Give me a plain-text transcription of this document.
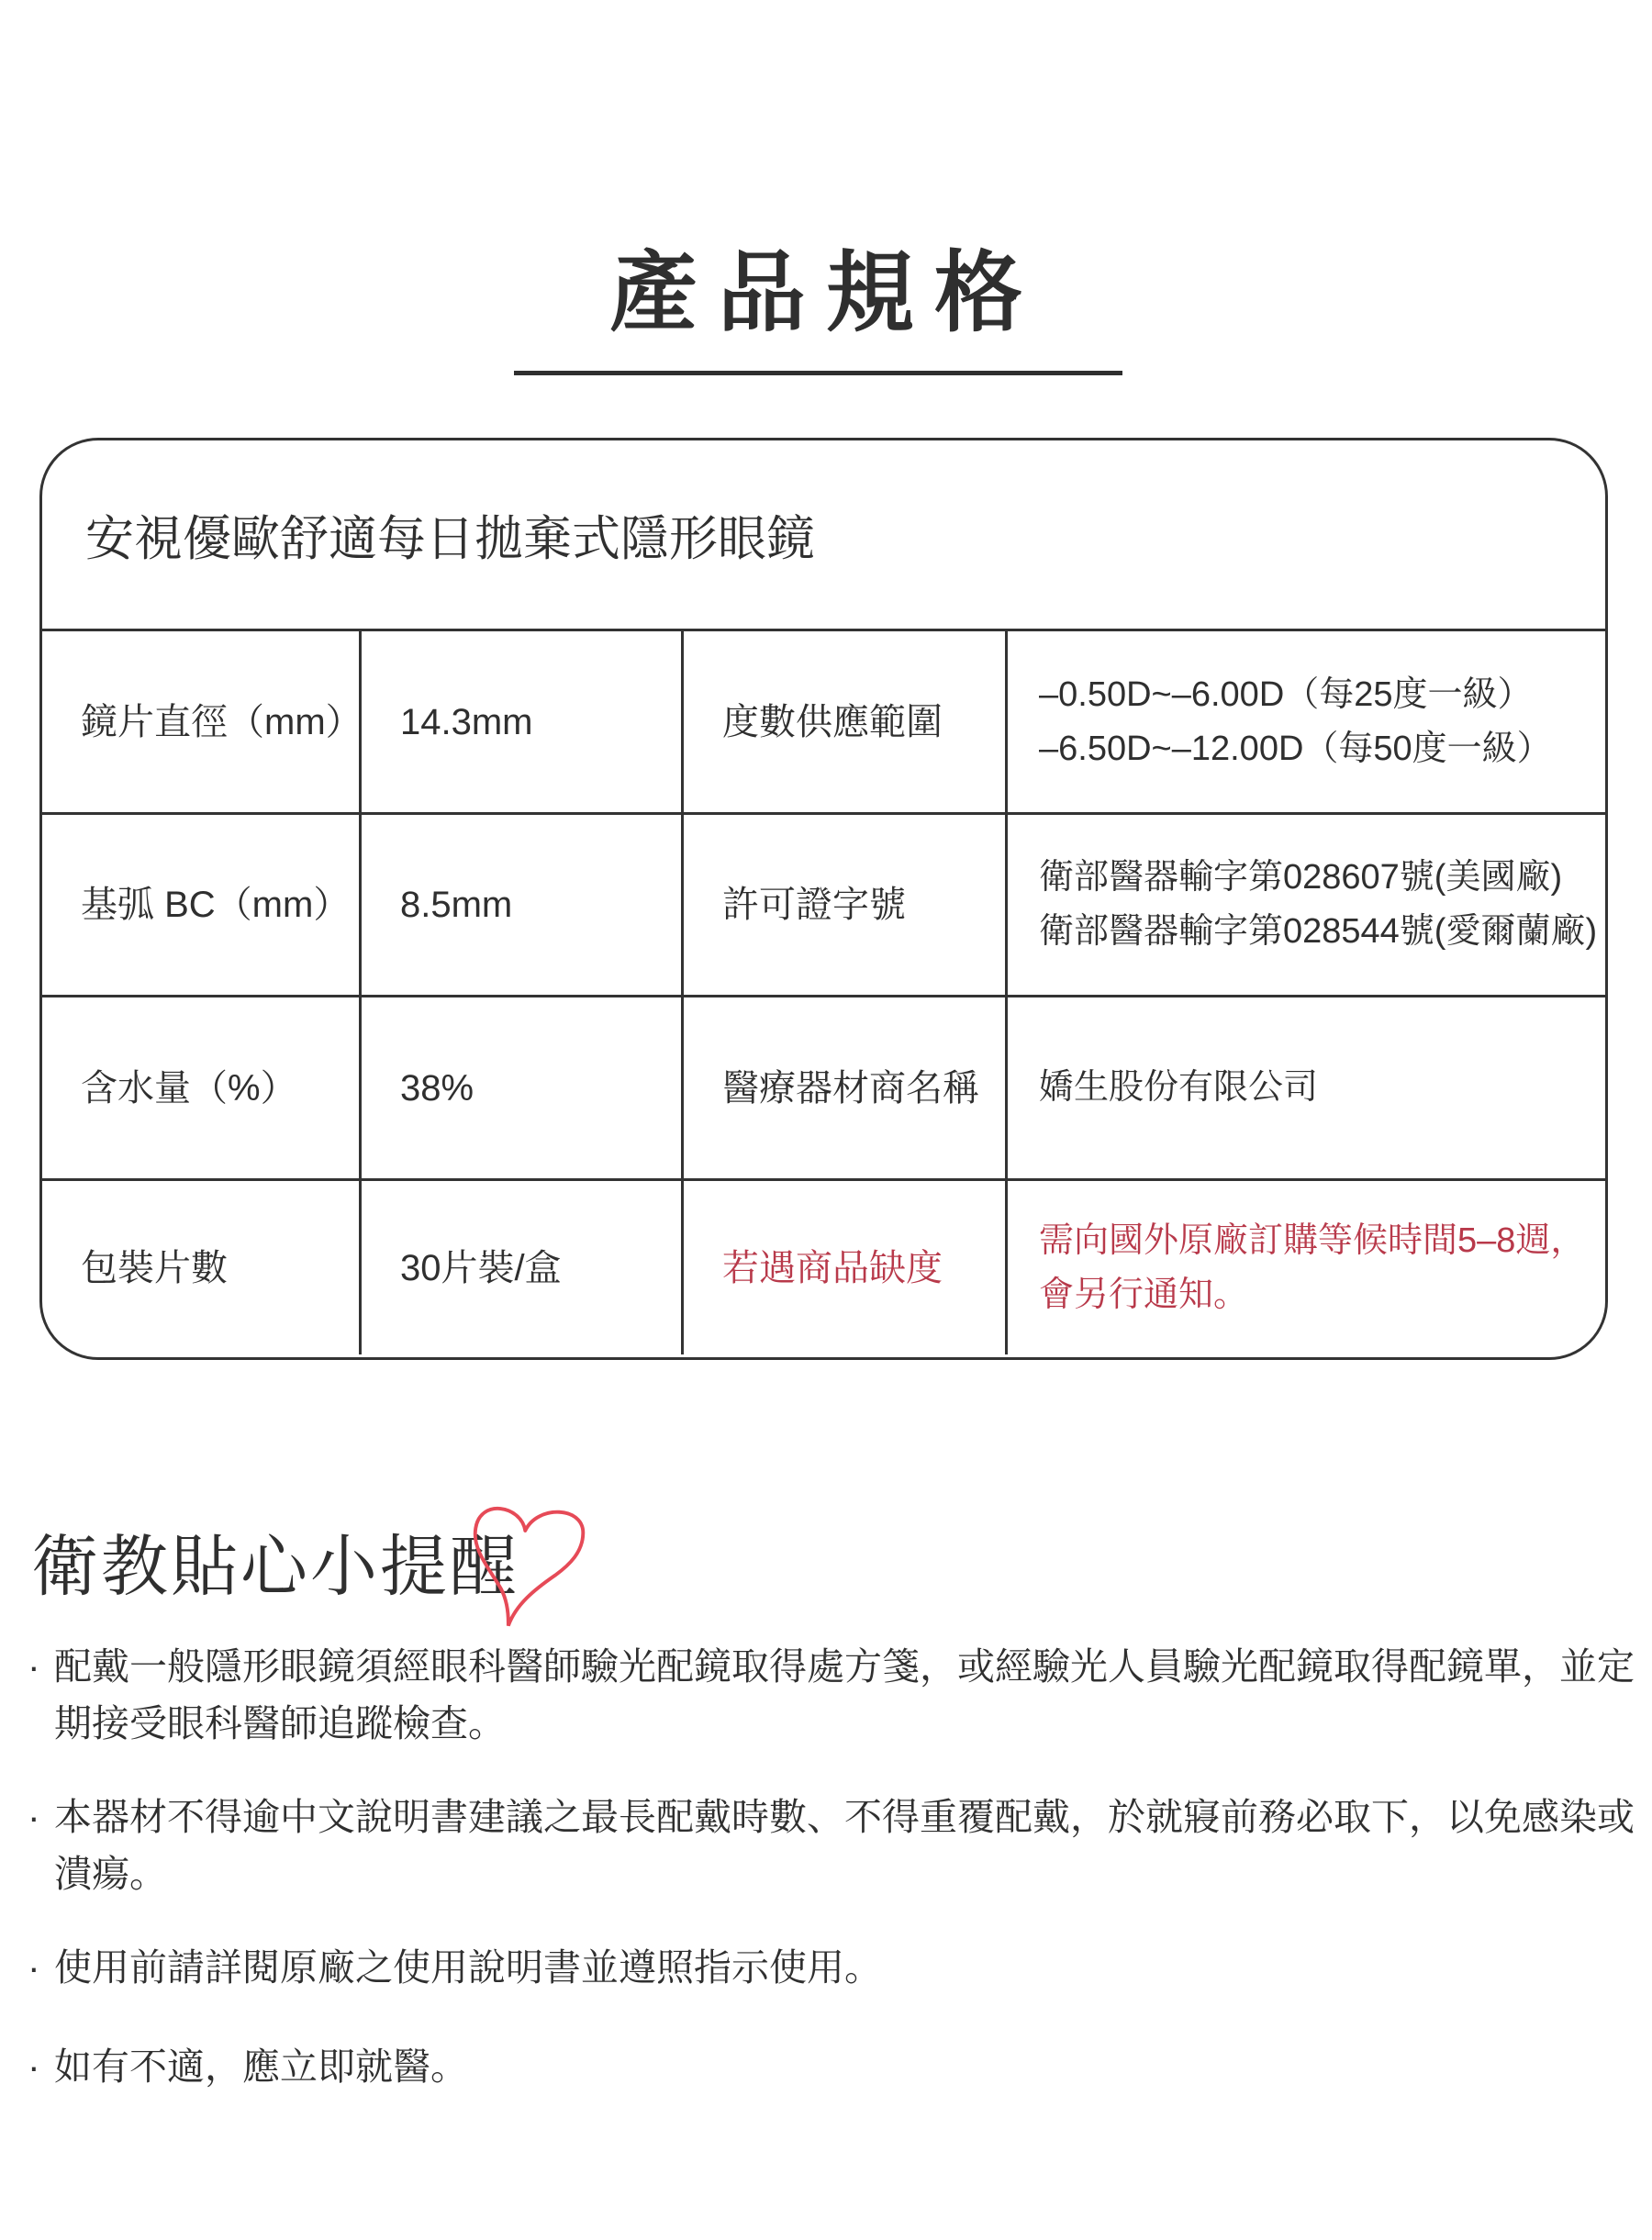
產品規格
安視優歐舒適每日拋棄式隱形眼鏡
鏡片直徑（mm）	14.3mm	度數供應範圍
–0.50D~–6.00D（每25度一級）
–6.50D~–12.00D（每50度一級）
基弧 BC（mm）	8.5mm	許可證字號
衛部醫器輸字第028607號(美國廠)
衛部醫器輸字第028544號(愛爾蘭廠)
含水量（%）	38%	醫療器材商名稱	嬌生股份有限公司
包裝片數	30片裝/盒	若遇商品缺度
需向國外原廠訂購等候時間5–8週，
會另行通知。
衛教貼心小提醒
· 配戴一般隱形眼鏡須經眼科醫師驗光配鏡取得處方箋，或經驗光人員驗光配鏡取得配鏡單，並定期接受眼科醫師追蹤檢查。
· 本器材不得逾中文說明書建議之最長配戴時數、不得重覆配戴，於就寢前務必取下，以免感染或潰瘍。
· 使用前請詳閱原廠之使用說明書並遵照指示使用。
· 如有不適，應立即就醫。
